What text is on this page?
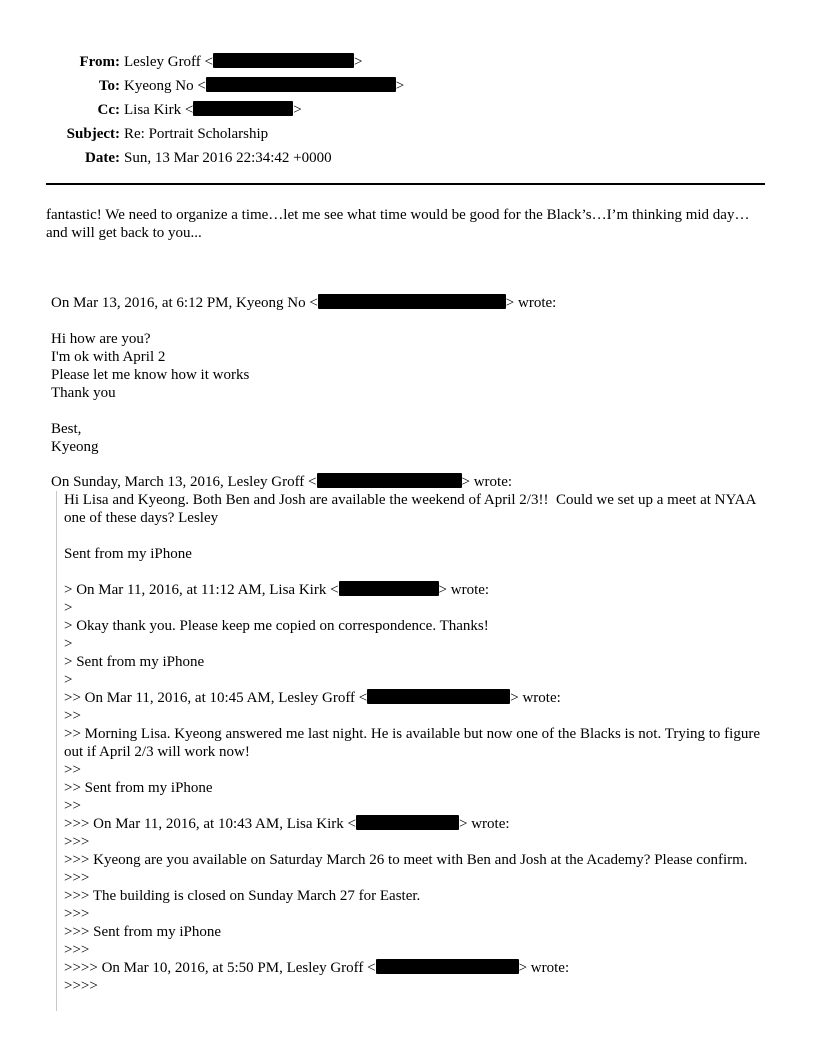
From: Lesley Groff <	>
To: Kyeong No <	>
Cc: Lisa Kirk <	>
Subject: Re: Portrait Scholarship
Date: Sun, 13 Mar 2016 22:34:42 +0000
fantastic! We need to organize a time…let me see what time would be good for the Black’s…I’m thinking mid day…and will get back to you...
On Mar 13, 2016, at 6:12 PM, Kyeong No <	> wrote:
Hi how are you?
I'm ok with April 2
Please let me know how it works
Thank you
Best,
Kyeong
On Sunday, March 13, 2016, Lesley Groff <	> wrote:
Hi Lisa and Kyeong. Both Ben and Josh are available the weekend of April 2/3!!  Could we set up a meet at NYAA one of these days? Lesley
Sent from my iPhone
> On Mar 11, 2016, at 11:12 AM, Lisa Kirk <	> wrote:
>
> Okay thank you. Please keep me copied on correspondence. Thanks!
>
> Sent from my iPhone
>
>> On Mar 11, 2016, at 10:45 AM, Lesley Groff <	> wrote:
>>
>> Morning Lisa. Kyeong answered me last night. He is available but now one of the Blacks is not. Trying to figure out if April 2/3 will work now!
>>
>> Sent from my iPhone
>>
>>> On Mar 11, 2016, at 10:43 AM, Lisa Kirk <	> wrote:
>>>
>>> Kyeong are you available on Saturday March 26 to meet with Ben and Josh at the Academy? Please confirm.
>>>
>>> The building is closed on Sunday March 27 for Easter.
>>>
>>> Sent from my iPhone
>>>
>>>> On Mar 10, 2016, at 5:50 PM, Lesley Groff <	> wrote:
>>>>
